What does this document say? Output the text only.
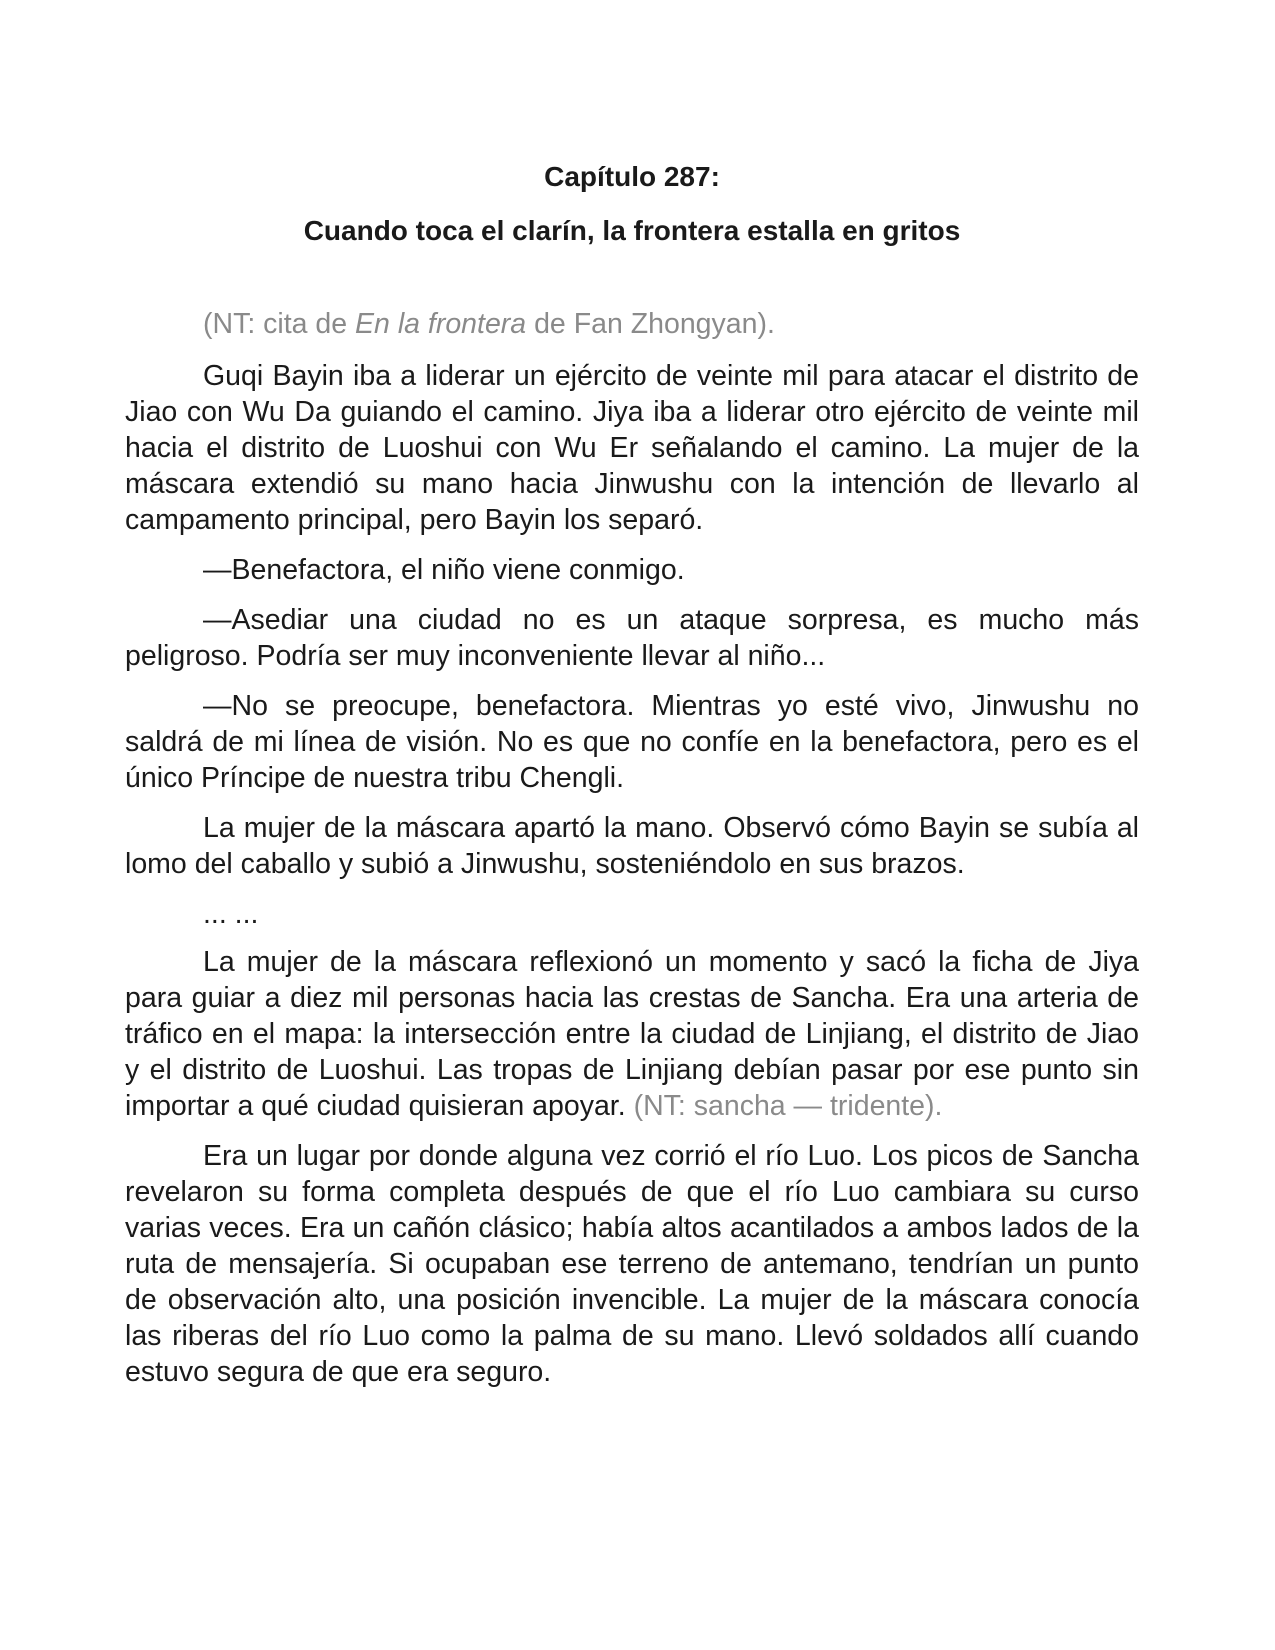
Capítulo 287:
Cuando toca el clarín, la frontera estalla en gritos

(NT: cita de En la frontera de Fan Zhongyan).

Guqi Bayin iba a liderar un ejército de veinte mil para atacar el distrito de Jiao con Wu Da guiando el camino. Jiya iba a liderar otro ejército de veinte mil hacia el distrito de Luoshui con Wu Er señalando el camino. La mujer de la máscara extendió su mano hacia Jinwushu con la intención de llevarlo al campamento principal, pero Bayin los separó.

—Benefactora, el niño viene conmigo.

—Asediar una ciudad no es un ataque sorpresa, es mucho más peligroso. Podría ser muy inconveniente llevar al niño...

—No se preocupe, benefactora. Mientras yo esté vivo, Jinwushu no saldrá de mi línea de visión. No es que no confíe en la benefactora, pero es el único Príncipe de nuestra tribu Chengli.

La mujer de la máscara apartó la mano. Observó cómo Bayin se subía al lomo del caballo y subió a Jinwushu, sosteniéndolo en sus brazos.

... ...

La mujer de la máscara reflexionó un momento y sacó la ficha de Jiya para guiar a diez mil personas hacia las crestas de Sancha. Era una arteria de tráfico en el mapa: la intersección entre la ciudad de Linjiang, el distrito de Jiao y el distrito de Luoshui. Las tropas de Linjiang debían pasar por ese punto sin importar a qué ciudad quisieran apoyar. (NT: sancha — tridente).

Era un lugar por donde alguna vez corrió el río Luo. Los picos de Sancha revelaron su forma completa después de que el río Luo cambiara su curso varias veces. Era un cañón clásico; había altos acantilados a ambos lados de la ruta de mensajería. Si ocupaban ese terreno de antemano, tendrían un punto de observación alto, una posición invencible. La mujer de la máscara conocía las riberas del río Luo como la palma de su mano. Llevó soldados allí cuando estuvo segura de que era seguro.
